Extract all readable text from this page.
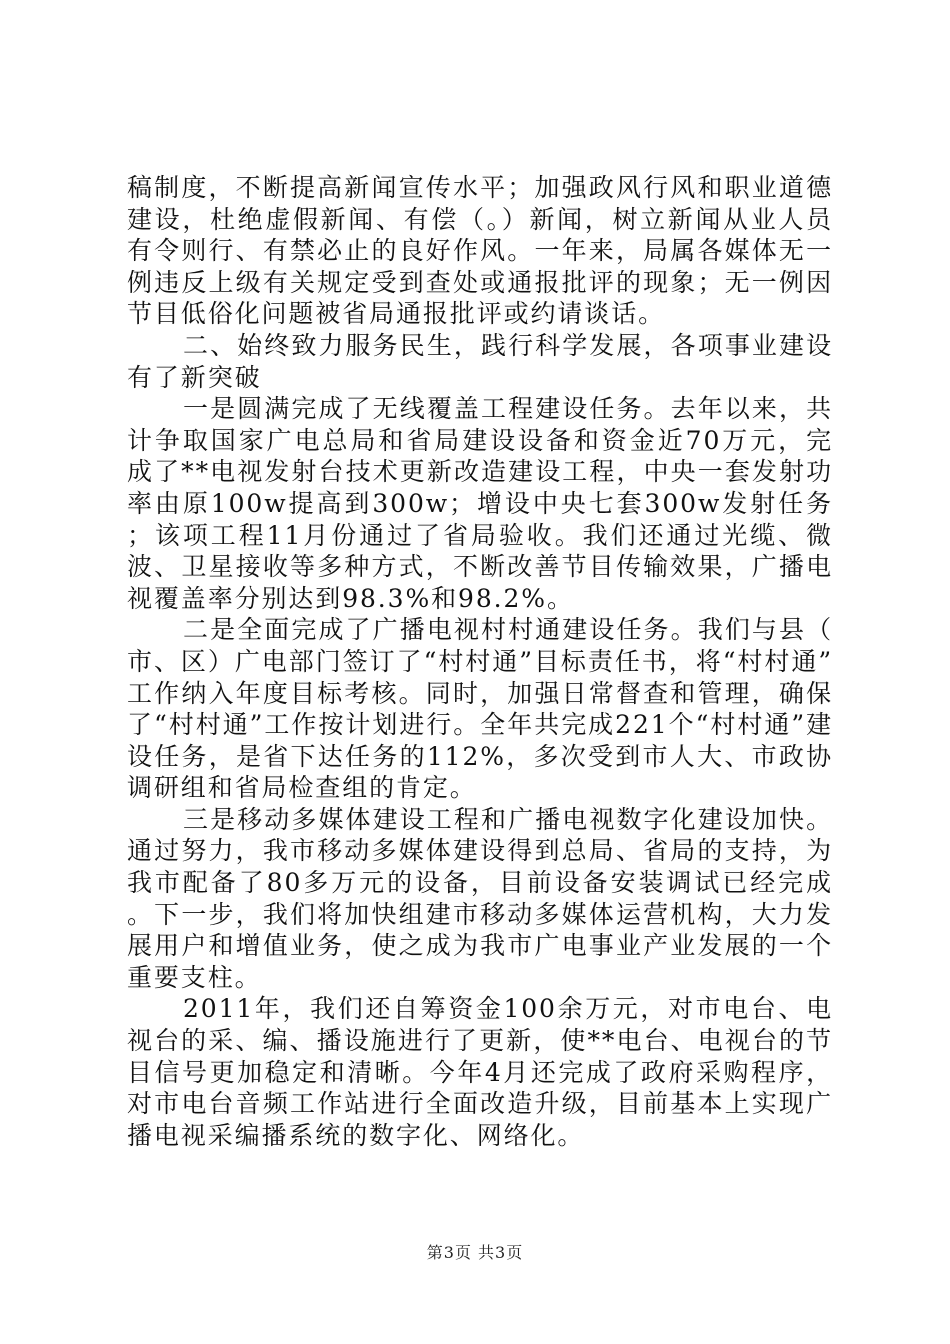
稿制度，不断提高新闻宣传水平；加强政风行风和职业道德建设，杜绝虚假新闻、有偿（。）新闻，树立新闻从业人员有令则行、有禁必止的良好作风。一年来，局属各媒体无一例违反上级有关规定受到查处或通报批评的现象；无一例因节目低俗化问题被省局通报批评或约请谈话。

二、始终致力服务民生，践行科学发展，各项事业建设有了新突破

一是圆满完成了无线覆盖工程建设任务。去年以来，共计争取国家广电总局和省局建设设备和资金近70万元，完成了**电视发射台技术更新改造建设工程，中央一套发射功率由原100w提高到300w；增设中央七套300w发射任务；该项工程11月份通过了省局验收。我们还通过光缆、微波、卫星接收等多种方式，不断改善节目传输效果，广播电视覆盖率分别达到98.3%和98.2%。

二是全面完成了广播电视村村通建设任务。我们与县（市、区）广电部门签订了“村村通”目标责任书，将“村村通”工作纳入年度目标考核。同时，加强日常督查和管理，确保了“村村通”工作按计划进行。全年共完成221个“村村通”建设任务，是省下达任务的112%，多次受到市人大、市政协调研组和省局检查组的肯定。

三是移动多媒体建设工程和广播电视数字化建设加快。通过努力，我市移动多媒体建设得到总局、省局的支持，为我市配备了80多万元的设备，目前设备安装调试已经完成。下一步，我们将加快组建市移动多媒体运营机构，大力发展用户和增值业务，使之成为我市广电事业产业发展的一个重要支柱。

2011年，我们还自筹资金100余万元，对市电台、电视台的采、编、播设施进行了更新，使**电台、电视台的节目信号更加稳定和清晰。今年4月还完成了政府采购程序，对市电台音频工作站进行全面改造升级，目前基本上实现广播电视采编播系统的数字化、网络化。

第3页 共3页
